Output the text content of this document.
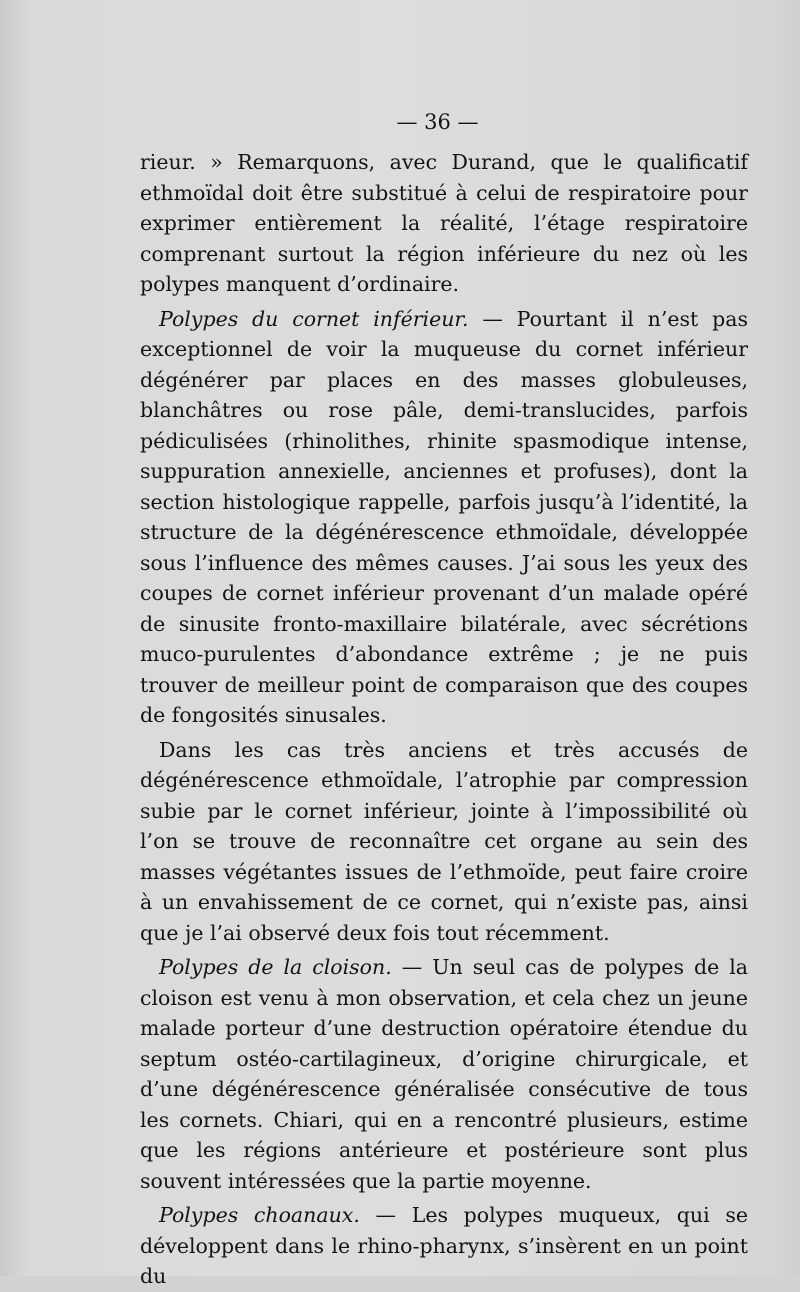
— 36 —

rieur. » Remarquons, avec Durand, que le qualificatif ethmoïdal doit être substitué à celui de respiratoire pour exprimer entièrement la réalité, l’étage respiratoire comprenant surtout la région inférieure du nez où les polypes manquent d’ordinaire.

Polypes du cornet inférieur. — Pourtant il n’est pas exceptionnel de voir la muqueuse du cornet inférieur dégénérer par places en des masses globuleuses, blanchâtres ou rose pâle, demi-translucides, parfois pédiculisées (rhinolithes, rhinite spasmodique intense, suppuration annexielle, anciennes et profuses), dont la section histologique rappelle, parfois jusqu’à l’identité, la structure de la dégénérescence ethmoïdale, développée sous l’influence des mêmes causes. J’ai sous les yeux des coupes de cornet inférieur provenant d’un malade opéré de sinusite fronto-maxillaire bilatérale, avec sécrétions muco-purulentes d’abondance extrême ; je ne puis trouver de meilleur point de comparaison que des coupes de fongosités sinusales.

Dans les cas très anciens et très accusés de dégénérescence ethmoïdale, l’atrophie par compression subie par le cornet inférieur, jointe à l’impossibilité où l’on se trouve de reconnaître cet organe au sein des masses végétantes issues de l’ethmoïde, peut faire croire à un envahissement de ce cornet, qui n’existe pas, ainsi que je l’ai observé deux fois tout récemment.

Polypes de la cloison. — Un seul cas de polypes de la cloison est venu à mon observation, et cela chez un jeune malade porteur d’une destruction opératoire étendue du septum ostéo-cartilagineux, d’origine chirurgicale, et d’une dégénérescence généralisée consécutive de tous les cornets. Chiari, qui en a rencontré plusieurs, estime que les régions antérieure et postérieure sont plus souvent intéressées que la partie moyenne.

Polypes choanaux. — Les polypes muqueux, qui se développent dans le rhino-pharynx, s’insèrent en un point du
